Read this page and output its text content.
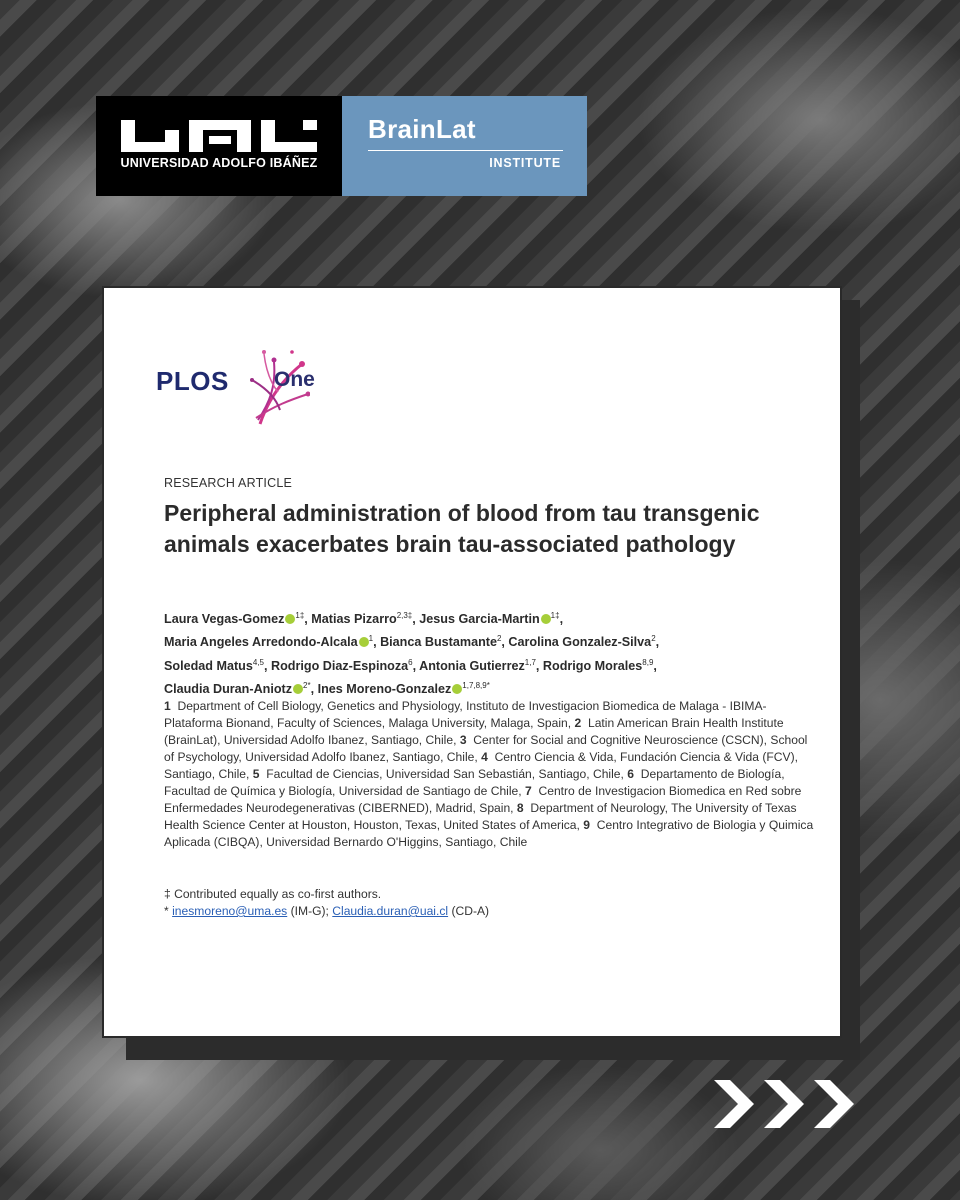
UNIVERSIDAD ADOLFO IBÁÑEZ
BrainLat
INSTITUTE
PLOS One
RESEARCH ARTICLE
Peripheral administration of blood from tau transgenic animals exacerbates brain tau-associated pathology
Laura Vegas-Gomez $^{1\ddagger}$, Matias Pizarro$^{2,3\ddagger}$, Jesus Garcia-Martin $^{1\ddagger}$,
Maria Angeles Arredondo-Alcala $^1$, Bianca Bustamante$^2$, Carolina Gonzalez-Silva$^2$,
Soledad Matus$^{4,5}$, Rodrigo Diaz-Espinoza$^6$, Antonia Gutierrez$^{1,7}$, Rodrigo Morales$^{8,9}$,
Claudia Duran-Aniotz $^{2*}$, Ines Moreno-Gonzalez $^{1,7,8,9*}$
1 Department of Cell Biology, Genetics and Physiology, Instituto de Investigacion Biomedica de Malaga - IBIMA-Plataforma Bionand, Faculty of Sciences, Malaga University, Malaga, Spain, 2 Latin American Brain Health Institute (BrainLat), Universidad Adolfo Ibanez, Santiago, Chile, 3 Center for Social and Cognitive Neuroscience (CSCN), School of Psychology, Universidad Adolfo Ibanez, Santiago, Chile, 4 Centro Ciencia & Vida, Fundación Ciencia & Vida (FCV), Santiago, Chile, 5 Facultad de Ciencias, Universidad San Sebastián, Santiago, Chile, 6 Departamento de Biología, Facultad de Química y Biología, Universidad de Santiago de Chile, 7 Centro de Investigacion Biomedica en Red sobre Enfermedades Neurodegenerativas (CIBERNED), Madrid, Spain, 8 Department of Neurology, The University of Texas Health Science Center at Houston, Houston, Texas, United States of America, 9 Centro Integrativo de Biologia y Quimica Aplicada (CIBQA), Universidad Bernardo O'Higgins, Santiago, Chile
‡ Contributed equally as co-first authors.
* inesmoreno@uma.es (IM-G); Claudia.duran@uai.cl (CD-A)
